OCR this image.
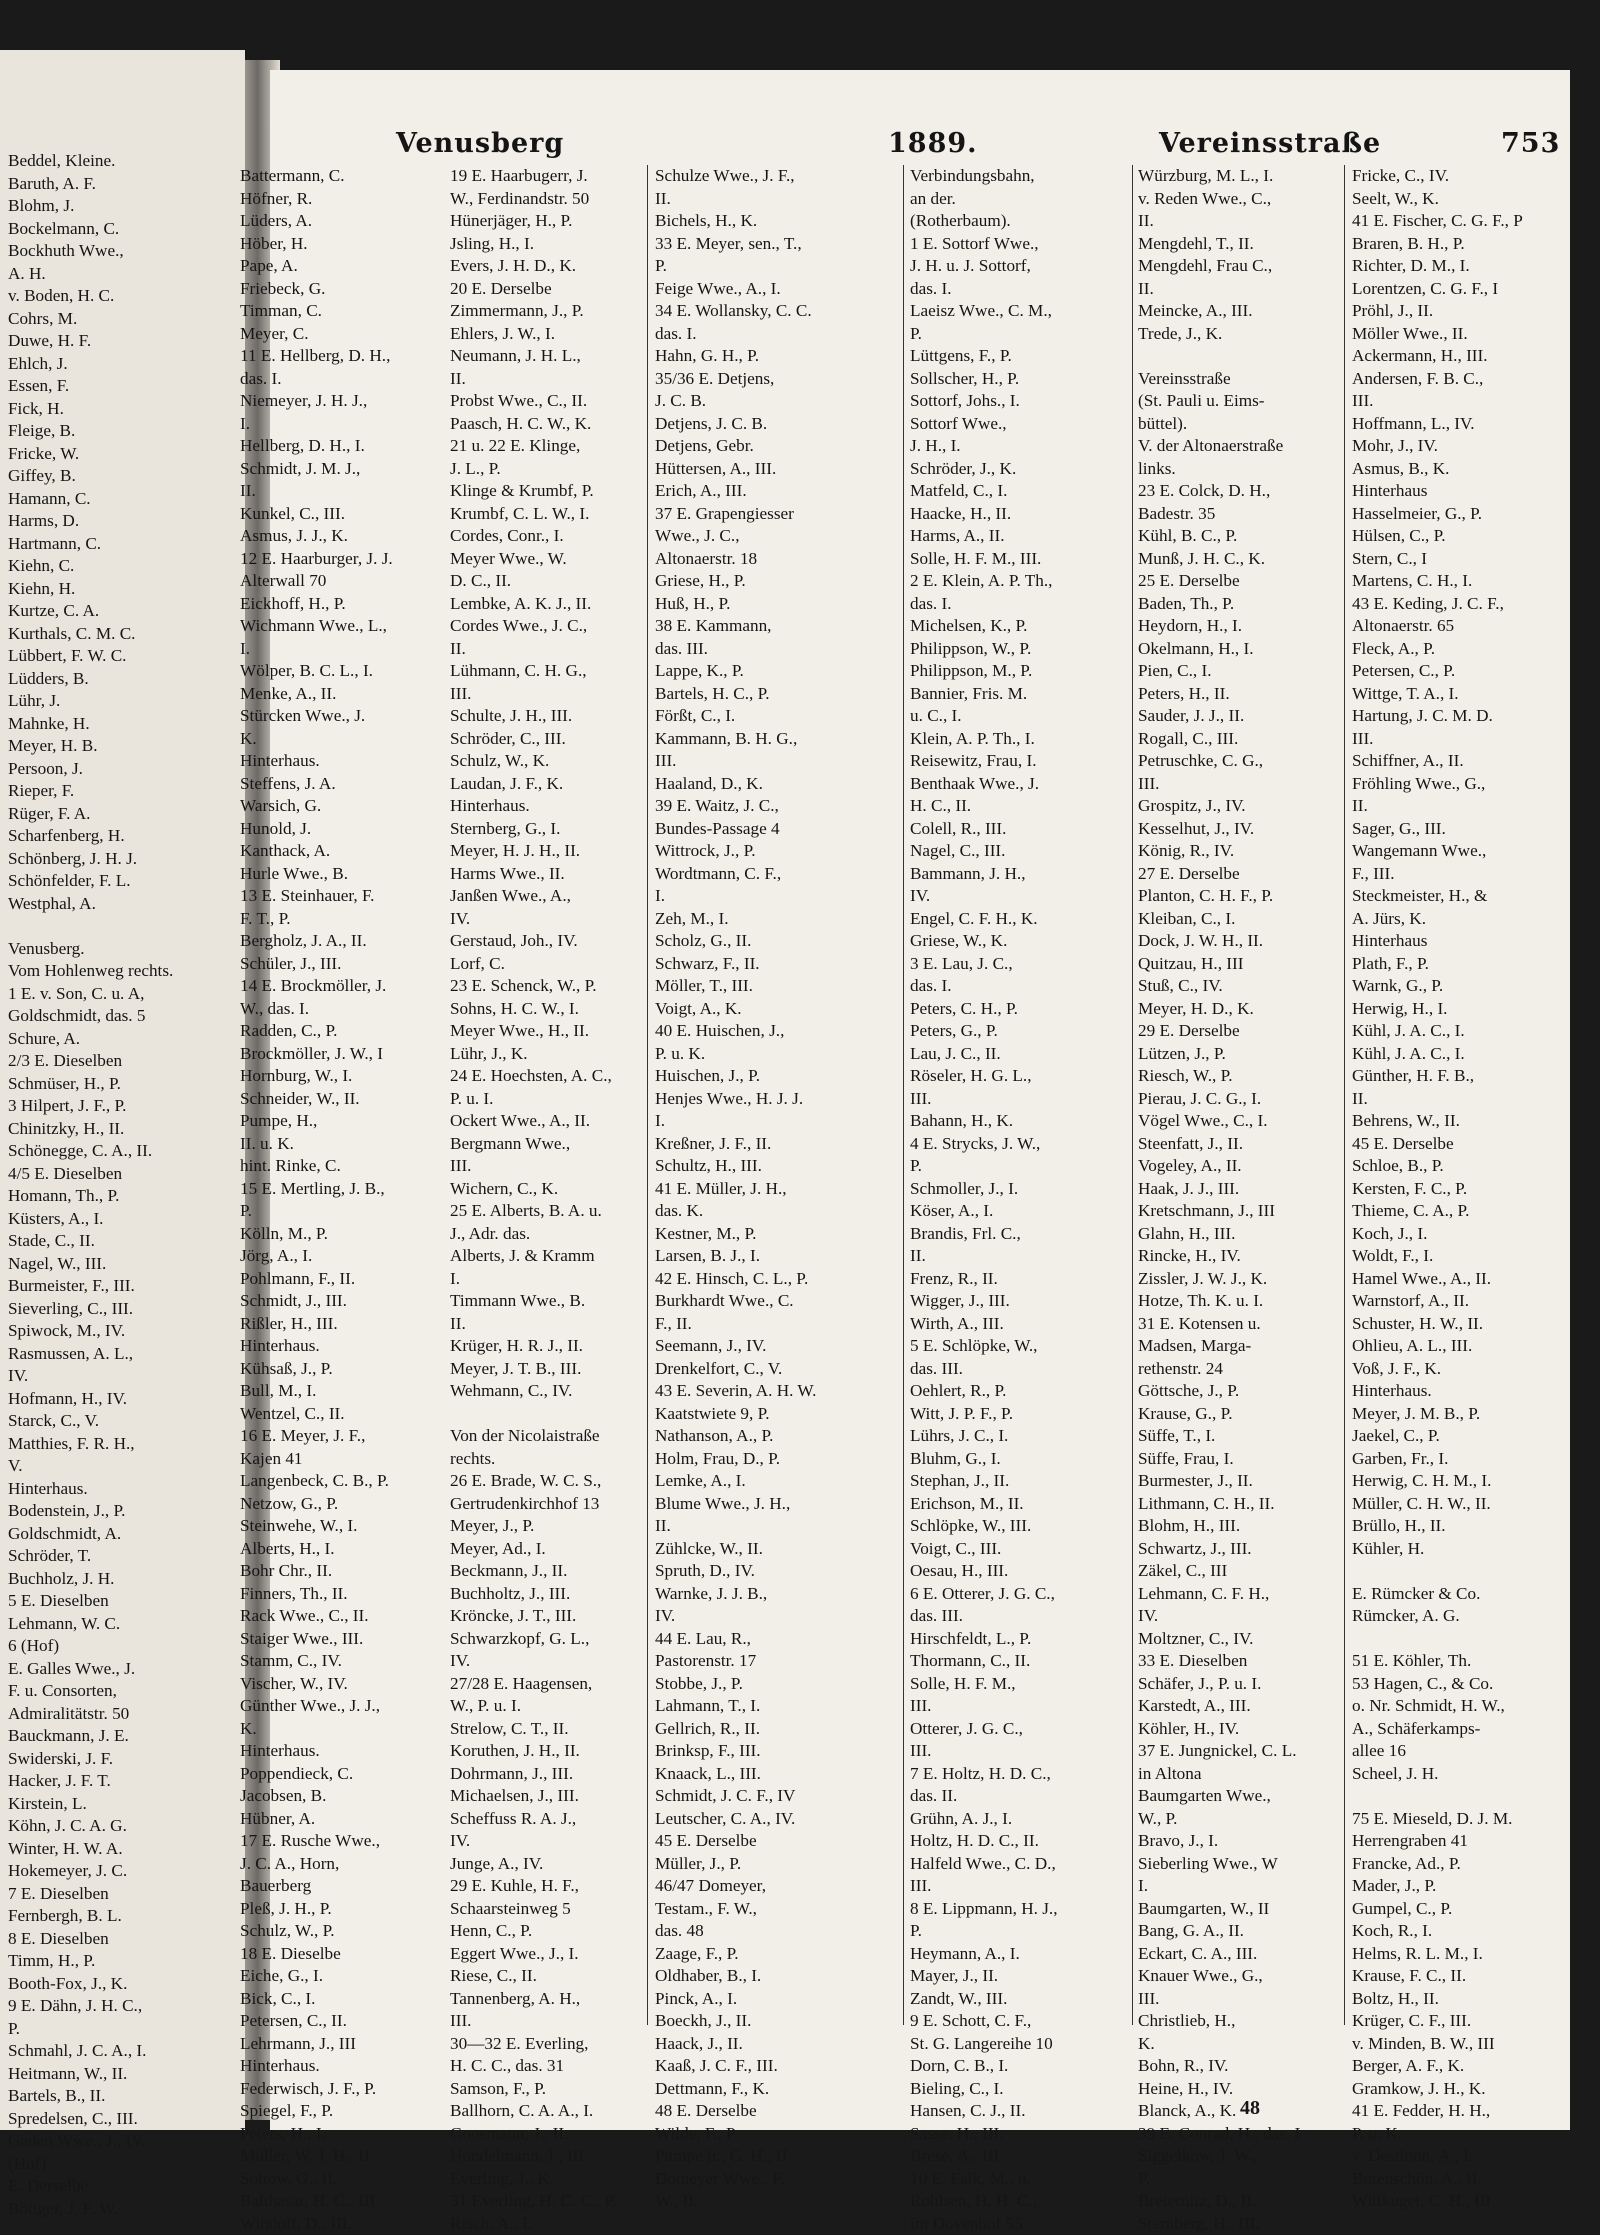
Beddel, Kleine.
Baruth, A. F.
Blohm, J.
Bockelmann, C.
Bockhuth Wwe.,
A. H.
v. Boden, H. C.
Cohrs, M.
Duwe, H. F.
Ehlch, J.
Essen, F.
Fick, H.
Fleige, B.
Fricke, W.
Giffey, B.
Hamann, C.
Harms, D.
Hartmann, C.
Kiehn, C.
Kiehn, H.
Kurtze, C. A.
Kurthals, C. M. C.
Lübbert, F. W. C.
Lüdders, B.
Lühr, J.
Mahnke, H.
Meyer, H. B.
Persoon, J.
Rieper, F.
Rüger, F. A.
Scharfenberg, H.
Schönberg, J. H. J.
Schönfelder, F. L.
Westphal, A.
Venusberg.
Vom Hohlenweg rechts.
1 E. v. Son, C. u. A,
Goldschmidt, das. 5
Schure, A.
2/3 E. Dieselben
Schmüser, H., P.
3 Hilpert, J. F., P.
Chinitzky, H., II.
Schönegge, C. A., II.
4/5 E. Dieselben
Homann, Th., P.
Küsters, A., I.
Stade, C., II.
Nagel, W., III.
Burmeister, F., III.
Sieverling, C., III.
Spiwock, M., IV.
Rasmussen, A. L.,
IV.
Hofmann, H., IV.
Starck, C., V.
Matthies, F. R. H.,
V.
Hinterhaus.
Bodenstein, J., P.
Goldschmidt, A.
Schröder, T.
Buchholz, J. H.
5 E. Dieselben
Lehmann, W. C.
6 (Hof)
E. Galles Wwe., J.
F. u. Consorten,
Admiralitätstr. 50
Bauckmann, J. E.
Swiderski, J. F.
Hacker, J. F. T.
Kirstein, L.
Köhn, J. C. A. G.
Winter, H. W. A.
Hokemeyer, J. C.
7 E. Dieselben
Fernbergh, B. L.
8 E. Dieselben
Timm, H., P.
Booth-Fox, J., K.
9 E. Dähn, J. H. C.,
P.
Schmahl, J. C. A., I.
Heitmann, W., II.
Bartels, B., II.
Spredelsen, C., III.
Gaden Wwe., J., IV.
(Hof)
E. Derselbe
Böttger, J. F. W.
Venusberg	1889.	Vereinsstraße	753
Battermann, C.
Höfner, R.
Lüders, A.
Höber, H.
Pape, A.
Friebeck, G.
Timman, C.
Meyer, C.
11 E. Hellberg, D. H.,
das. I.
Niemeyer, J. H. J.,
I.
Hellberg, D. H., I.
Schmidt, J. M. J.,
II.
Kunkel, C., III.
Asmus, J. J., K.
12 E. Haarburger, J. J.
Alterwall 70
Eickhoff, H., P.
Wichmann Wwe., L.,
I.
Wölper, B. C. L., I.
Menke, A., II.
Stürcken Wwe., J.
K.
Hinterhaus.
Steffens, J. A.
Warsich, G.
Hunold, J.
Kanthack, A.
Hurle Wwe., B.
13 E. Steinhauer, F.
F. T., P.
Bergholz, J. A., II.
Schüler, J., III.
14 E. Brockmöller, J.
W., das. I.
Radden, C., P.
Brockmöller, J. W., I
Hornburg, W., I.
Schneider, W., II.
Pumpe, H.,
II. u. K.
hint. Rinke, C.
15 E. Mertling, J. B.,
P.
Kölln, M., P.
Jörg, A., I.
Pohlmann, F., II.
Schmidt, J., III.
Rißler, H., III.
Hinterhaus.
Kühsaß, J., P.
Bull, M., I.
Wentzel, C., II.
16 E. Meyer, J. F.,
Kajen 41
Langenbeck, C. B., P.
Netzow, G., P.
Steinwehe, W., I.
Alberts, H., I.
Bohr Chr., II.
Finners, Th., II.
Rack Wwe., C., II.
Staiger Wwe., III.
Stamm, C., IV.
Vischer, W., IV.
Günther Wwe., J. J.,
K.
Hinterhaus.
Poppendieck, C.
Jacobsen, B.
Hübner, A.
17 E. Rusche Wwe.,
J. C. A., Horn,
Bauerberg
Pleß, J. H., P.
Schulz, W., P.
18 E. Dieselbe
Eiche, G., I.
Bick, C., I.
Petersen, C., II.
Lehrmann, J., III
Hinterhaus.
Federwisch, J. F., P.
Spiegel, F., P.
Peters, H., I.
Müller, W. J. H., II.
Soltow, G., II.
Balthasar, H. C., III
Windolf, D., III.
19 E. Haarbugerr, J.
W., Ferdinandstr. 50
Hünerjäger, H., P.
Jsling, H., I.
Evers, J. H. D., K.
20 E. Derselbe
Zimmermann, J., P.
Ehlers, J. W., I.
Neumann, J. H. L.,
II.
Probst Wwe., C., II.
Paasch, H. C. W., K.
21 u. 22 E. Klinge,
J. L., P.
Klinge & Krumbf, P.
Krumbf, C. L. W., I.
Cordes, Conr., I.
Meyer Wwe., W.
D. C., II.
Lembke, A. K. J., II.
Cordes Wwe., J. C.,
II.
Lühmann, C. H. G.,
III.
Schulte, J. H., III.
Schröder, C., III.
Schulz, W., K.
Laudan, J. F., K.
Hinterhaus.
Sternberg, G., I.
Meyer, H. J. H., II.
Harms Wwe., II.
Janßen Wwe., A.,
IV.
Gerstaud, Joh., IV.
Lorf, C.
23 E. Schenck, W., P.
Sohns, H. C. W., I.
Meyer Wwe., H., II.
Lühr, J., K.
24 E. Hoechsten, A. C.,
P. u. I.
Ockert Wwe., A., II.
Bergmann Wwe.,
III.
Wichern, C., K.
25 E. Alberts, B. A. u.
J., Adr. das.
Alberts, J. & Kramm
I.
Timmann Wwe., B.
II.
Krüger, H. R. J., II.
Meyer, J. T. B., III.
Wehmann, C., IV.
Von der Nicolaistraße
rechts.
26 E. Brade, W. C. S.,
Gertrudenkirchhof 13
Meyer, J., P.
Meyer, Ad., I.
Beckmann, J., II.
Buchholtz, J., III.
Kröncke, J. T., III.
Schwarzkopf, G. L.,
IV.
27/28 E. Haagensen,
W., P. u. I.
Strelow, C. T., II.
Koruthen, J. H., II.
Dohrmann, J., III.
Michaelsen, J., III.
Scheffuss R. A. J.,
IV.
Junge, A., IV.
29 E. Kuhle, H. F.,
Schaarsteinweg 5
Henn, C., P.
Eggert Wwe., J., I.
Riese, C., II.
Tannenberg, A. H.,
III.
30—32 E. Everling,
H. C. C., das. 31
Samson, F., P.
Ballhorn, C. A. A., I.
Goosmann, J., II.
Hondelmann, J., III
Everling, J., K.
31 Everling, H. C. C., P.
Risch, A., I.
Schulze Wwe., J. F.,
II.
Bichels, H., K.
33 E. Meyer, sen., T.,
P.
Feige Wwe., A., I.
34 E. Wollansky, C. C.
das. I.
Hahn, G. H., P.
35/36 E. Detjens,
J. C. B.
Detjens, J. C. B.
Detjens, Gebr.
Hüttersen, A., III.
Erich, A., III.
37 E. Grapengiesser
Wwe., J. C.,
Altonaerstr. 18
Griese, H., P.
Huß, H., P.
38 E. Kammann,
das. III.
Lappe, K., P.
Bartels, H. C., P.
Förßt, C., I.
Kammann, B. H. G.,
III.
Haaland, D., K.
39 E. Waitz, J. C.,
Bundes-Passage 4
Wittrock, J., P.
Wordtmann, C. F.,
I.
Zeh, M., I.
Scholz, G., II.
Schwarz, F., II.
Möller, T., III.
Voigt, A., K.
40 E. Huischen, J.,
P. u. K.
Huischen, J., P.
Henjes Wwe., H. J. J.
I.
Kreßner, J. F., II.
Schultz, H., III.
41 E. Müller, J. H.,
das. K.
Kestner, M., P.
Larsen, B. J., I.
42 E. Hinsch, C. L., P.
Burkhardt Wwe., C.
F., II.
Seemann, J., IV.
Drenkelfort, C., V.
43 E. Severin, A. H. W.
Kaatstwiete 9, P.
Nathanson, A., P.
Holm, Frau, D., P.
Lemke, A., I.
Blume Wwe., J. H.,
II.
Zühlcke, W., II.
Spruth, D., IV.
Warnke, J. J. B.,
IV.
44 E. Lau, R.,
Pastorenstr. 17
Stobbe, J., P.
Lahmann, T., I.
Gellrich, R., II.
Brinksp, F., III.
Knaack, L., III.
Schmidt, J. C. F., IV
Leutscher, C. A., IV.
45 E. Derselbe
Müller, J., P.
46/47 Domeyer,
Testam., F. W.,
das. 48
Zaage, F., P.
Oldhaber, B., I.
Pinck, A., I.
Boeckh, J., II.
Haack, J., II.
Kaaß, J. C. F., III.
Dettmann, F., K.
48 E. Derselbe
Wilde, F., P.
Pumpe jr., G. H., II
Domeyer Wwe., F.
W., II.
Verbindungsbahn,
an der.
(Rotherbaum).
1 E. Sottorf Wwe.,
J. H. u. J. Sottorf,
das. I.
Laeisz Wwe., C. M.,
P.
Lüttgens, F., P.
Sollscher, H., P.
Sottorf, Johs., I.
Sottorf Wwe.,
J. H., I.
Schröder, J., K.
Matfeld, C., I.
Haacke, H., II.
Harms, A., II.
Solle, H. F. M., III.
2 E. Klein, A. P. Th.,
das. I.
Michelsen, K., P.
Philippson, W., P.
Philippson, M., P.
Bannier, Fris. M.
u. C., I.
Klein, A. P. Th., I.
Reisewitz, Frau, I.
Benthaak Wwe., J.
H. C., II.
Colell, R., III.
Nagel, C., III.
Bammann, J. H.,
IV.
Engel, C. F. H., K.
Griese, W., K.
3 E. Lau, J. C.,
das. I.
Peters, C. H., P.
Peters, G., P.
Lau, J. C., II.
Röseler, H. G. L.,
III.
Bahann, H., K.
4 E. Strycks, J. W.,
P.
Schmoller, J., I.
Köser, A., I.
Brandis, Frl. C.,
II.
Frenz, R., II.
Wigger, J., III.
Wirth, A., III.
5 E. Schlöpke, W.,
das. III.
Oehlert, R., P.
Witt, J. P. F., P.
Lührs, J. C., I.
Bluhm, G., I.
Stephan, J., II.
Erichson, M., II.
Schlöpke, W., III.
Voigt, C., III.
Oesau, H., III.
6 E. Otterer, J. G. C.,
das. III.
Hirschfeldt, L., P.
Thormann, C., II.
Solle, H. F. M.,
III.
Otterer, J. G. C.,
III.
7 E. Holtz, H. D. C.,
das. II.
Grühn, A. J., I.
Holtz, H. D. C., II.
Halfeld Wwe., C. D.,
III.
8 E. Lippmann, H. J.,
P.
Heymann, A., I.
Mayer, J., II.
Zandt, W., III.
9 E. Schott, C. F.,
St. G. Langereihe 10
Dorn, C. B., I.
Bieling, C., I.
Hansen, C. J., II.
Sasse, H., III.
Brese, A., III.
10 E. Falk, M., u.
Rohlsen, H. H. C.,
im Dovenhof 55
Würzburg, M. L., I.
v. Reden Wwe., C.,
II.
Mengdehl, T., II.
Mengdehl, Frau C.,
II.
Meincke, A., III.
Trede, J., K.
Vereinsstraße
(St. Pauli u. Eims-
büttel).
V. der Altonaerstraße
links.
23 E. Colck, D. H.,
Badestr. 35
Kühl, B. C., P.
Munß, J. H. C., K.
25 E. Derselbe
Baden, Th., P.
Heydorn, H., I.
Okelmann, H., I.
Pien, C., I.
Peters, H., II.
Sauder, J. J., II.
Rogall, C., III.
Petruschke, C. G.,
III.
Grospitz, J., IV.
Kesselhut, J., IV.
König, R., IV.
27 E. Derselbe
Planton, C. H. F., P.
Kleiban, C., I.
Dock, J. W. H., II.
Quitzau, H., III
Stuß, C., IV.
Meyer, H. D., K.
29 E. Derselbe
Lützen, J., P.
Riesch, W., P.
Pierau, J. C. G., I.
Vögel Wwe., C., I.
Steenfatt, J., II.
Vogeley, A., II.
Haak, J. J., III.
Kretschmann, J., III
Glahn, H., III.
Rincke, H., IV.
Zissler, J. W. J., K.
Hotze, Th. K. u. I.
31 E. Kotensen u.
Madsen, Marga-
rethenstr. 24
Göttsche, J., P.
Krause, G., P.
Süffe, T., I.
Süffe, Frau, I.
Burmester, J., II.
Lithmann, C. H., II.
Blohm, H., III.
Schwartz, J., III.
Zäkel, C., III
Lehmann, C. F. H.,
IV.
Moltzner, C., IV.
33 E. Dieselben
Schäfer, J., P. u. I.
Karstedt, A., III.
Köhler, H., IV.
37 E. Jungnickel, C. L.
in Altona
Baumgarten Wwe.,
W., P.
Bravo, J., I.
Sieberling Wwe., W
I.
Baumgarten, W., II
Bang, G. A., II.
Eckart, C. A., III.
Knauer Wwe., G.,
III.
Christlieb, H.,
K.
Bohn, R., IV.
Heine, H., IV.
Blanck, A., K.
39 E. Conrad, H., das. I
Siggelkow, J. W.,
P.
Breternitz, D., II.
Sternberg, H., III.
Fricke, C., IV.
Seelt, W., K.
41 E. Fischer, C. G. F., P
Braren, B. H., P.
Richter, D. M., I.
Lorentzen, C. G. F., I
Pröhl, J., II.
Möller Wwe., II.
Ackermann, H., III.
Andersen, F. B. C.,
III.
Hoffmann, L., IV.
Mohr, J., IV.
Asmus, B., K.
Hinterhaus
Hasselmeier, G., P.
Hülsen, C., P.
Stern, C., I
Martens, C. H., I.
43 E. Keding, J. C. F.,
Altonaerstr. 65
Fleck, A., P.
Petersen, C., P.
Wittge, T. A., I.
Hartung, J. C. M. D.
III.
Schiffner, A., II.
Fröhling Wwe., G.,
II.
Sager, G., III.
Wangemann Wwe.,
F., III.
Steckmeister, H., &
A. Jürs, K.
Hinterhaus
Plath, F., P.
Warnk, G., P.
Herwig, H., I.
Kühl, J. A. C., I.
Kühl, J. A. C., I.
Günther, H. F. B.,
II.
Behrens, W., II.
45 E. Derselbe
Schloe, B., P.
Kersten, F. C., P.
Thieme, C. A., P.
Koch, J., I.
Woldt, F., I.
Hamel Wwe., A., II.
Warnstorf, A., II.
Schuster, H. W., II.
Ohlieu, A. L., III.
Voß, J. F., K.
Hinterhaus.
Meyer, J. M. B., P.
Jaekel, C., P.
Garben, Fr., I.
Herwig, C. H. M., I.
Müller, C. H. W., II.
Brüllo, H., II.
Kühler, H.
E. Rümcker & Co.
Rümcker, A. G.
51 E. Köhler, Th.
53 Hagen, C., & Co.
o. Nr. Schmidt, H. W.,
A., Schäferkamps-
allee 16
Scheel, J. H.
75 E. Mieseld, D. J. M.
Herrengraben 41
Francke, Ad., P.
Mader, J., P.
Gumpel, C., P.
Koch, R., I.
Helms, R. L. M., I.
Krause, F. C., II.
Boltz, H., II.
Krüger, C. F., III.
v. Minden, B. W., III
Berger, A. F., K.
Gramkow, J. H., K.
41 E. Fedder, H. H.,
P. u. K.
v. Destinon, A., I.
Butenschön, A., II.
Wittkugel, C. H., III
48
